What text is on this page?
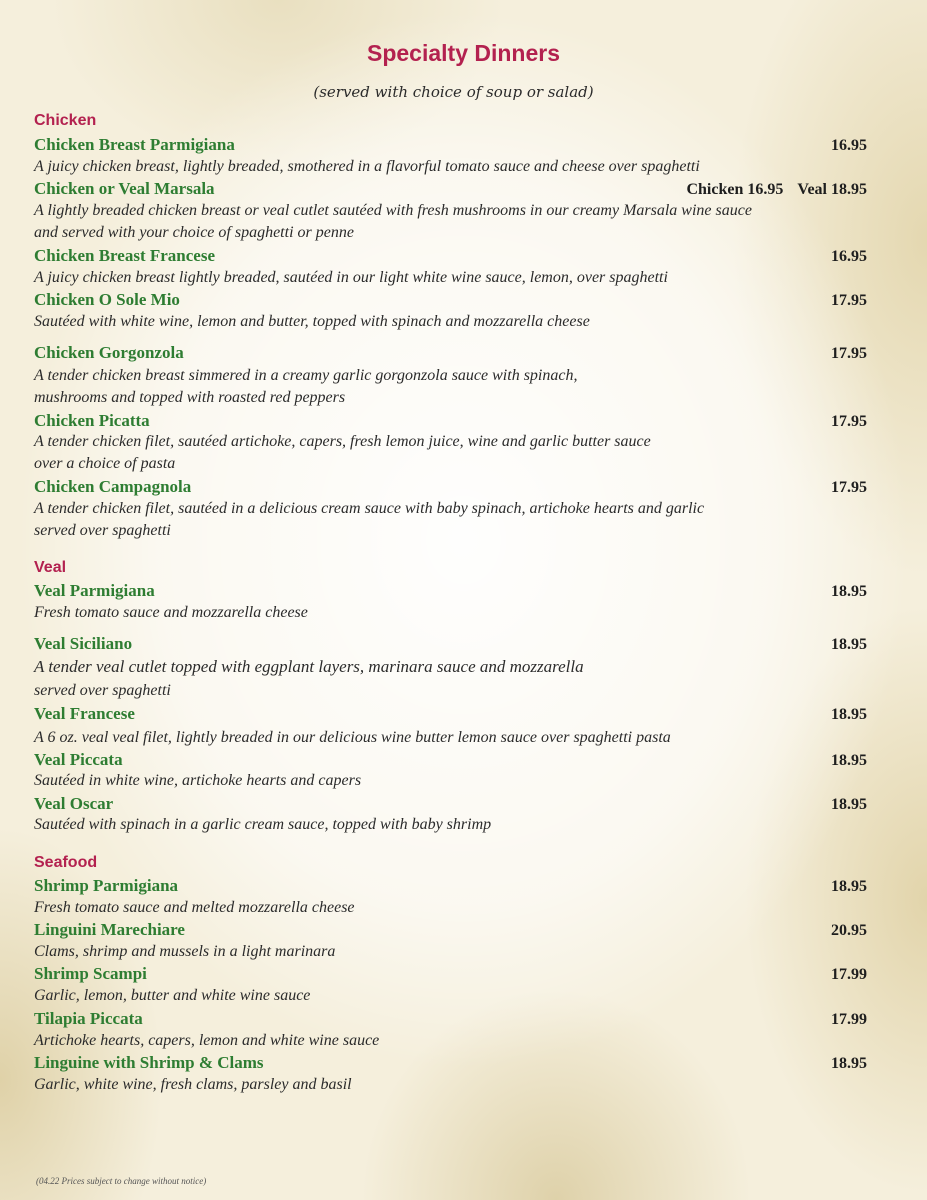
Specialty Dinners
(served with choice of soup or salad)
Chicken
Chicken Breast Parmigiana	16.95
A juicy chicken breast, lightly breaded, smothered in a flavorful tomato sauce and cheese over spaghetti
Chicken or Veal Marsala	Chicken 16.95 Veal 18.95
A lightly breaded chicken breast or veal cutlet sautéed with fresh mushrooms in our creamy Marsala wine sauce
and served with your choice of spaghetti or penne
Chicken Breast Francese	16.95
A juicy chicken breast lightly breaded, sautéed in our light white wine sauce, lemon, over spaghetti
Chicken O Sole Mio	17.95
Sautéed with white wine, lemon and butter, topped with spinach and mozzarella cheese
Chicken Gorgonzola	17.95
A tender chicken breast simmered in a creamy garlic gorgonzola sauce with spinach,
mushrooms and topped with roasted red peppers
Chicken Picatta	17.95
A tender chicken filet, sautéed artichoke, capers, fresh lemon juice, wine and garlic butter sauce
over a choice of pasta
Chicken Campagnola	17.95
A tender chicken filet, sautéed in a delicious cream sauce with baby spinach, artichoke hearts and garlic
served over spaghetti
Veal
Veal Parmigiana	18.95
Fresh tomato sauce and mozzarella cheese
Veal Siciliano	18.95
A tender veal cutlet topped with eggplant layers, marinara sauce and mozzarella
served over spaghetti
Veal Francese	18.95
A 6 oz. veal veal filet, lightly breaded in our delicious wine butter lemon sauce over spaghetti pasta
Veal Piccata	18.95
Sautéed in white wine, artichoke hearts and capers
Veal Oscar	18.95
Sautéed with spinach in a garlic cream sauce, topped with baby shrimp
Seafood
Shrimp Parmigiana	18.95
Fresh tomato sauce and melted mozzarella cheese
Linguini Marechiare	20.95
Clams, shrimp and mussels in a light marinara
Shrimp Scampi	17.99
Garlic, lemon, butter and white wine sauce
Tilapia Piccata	17.99
Artichoke hearts, capers, lemon and white wine sauce
Linguine with Shrimp & Clams	18.95
Garlic, white wine, fresh clams, parsley and basil
(04.22 Prices subject to change without notice)
